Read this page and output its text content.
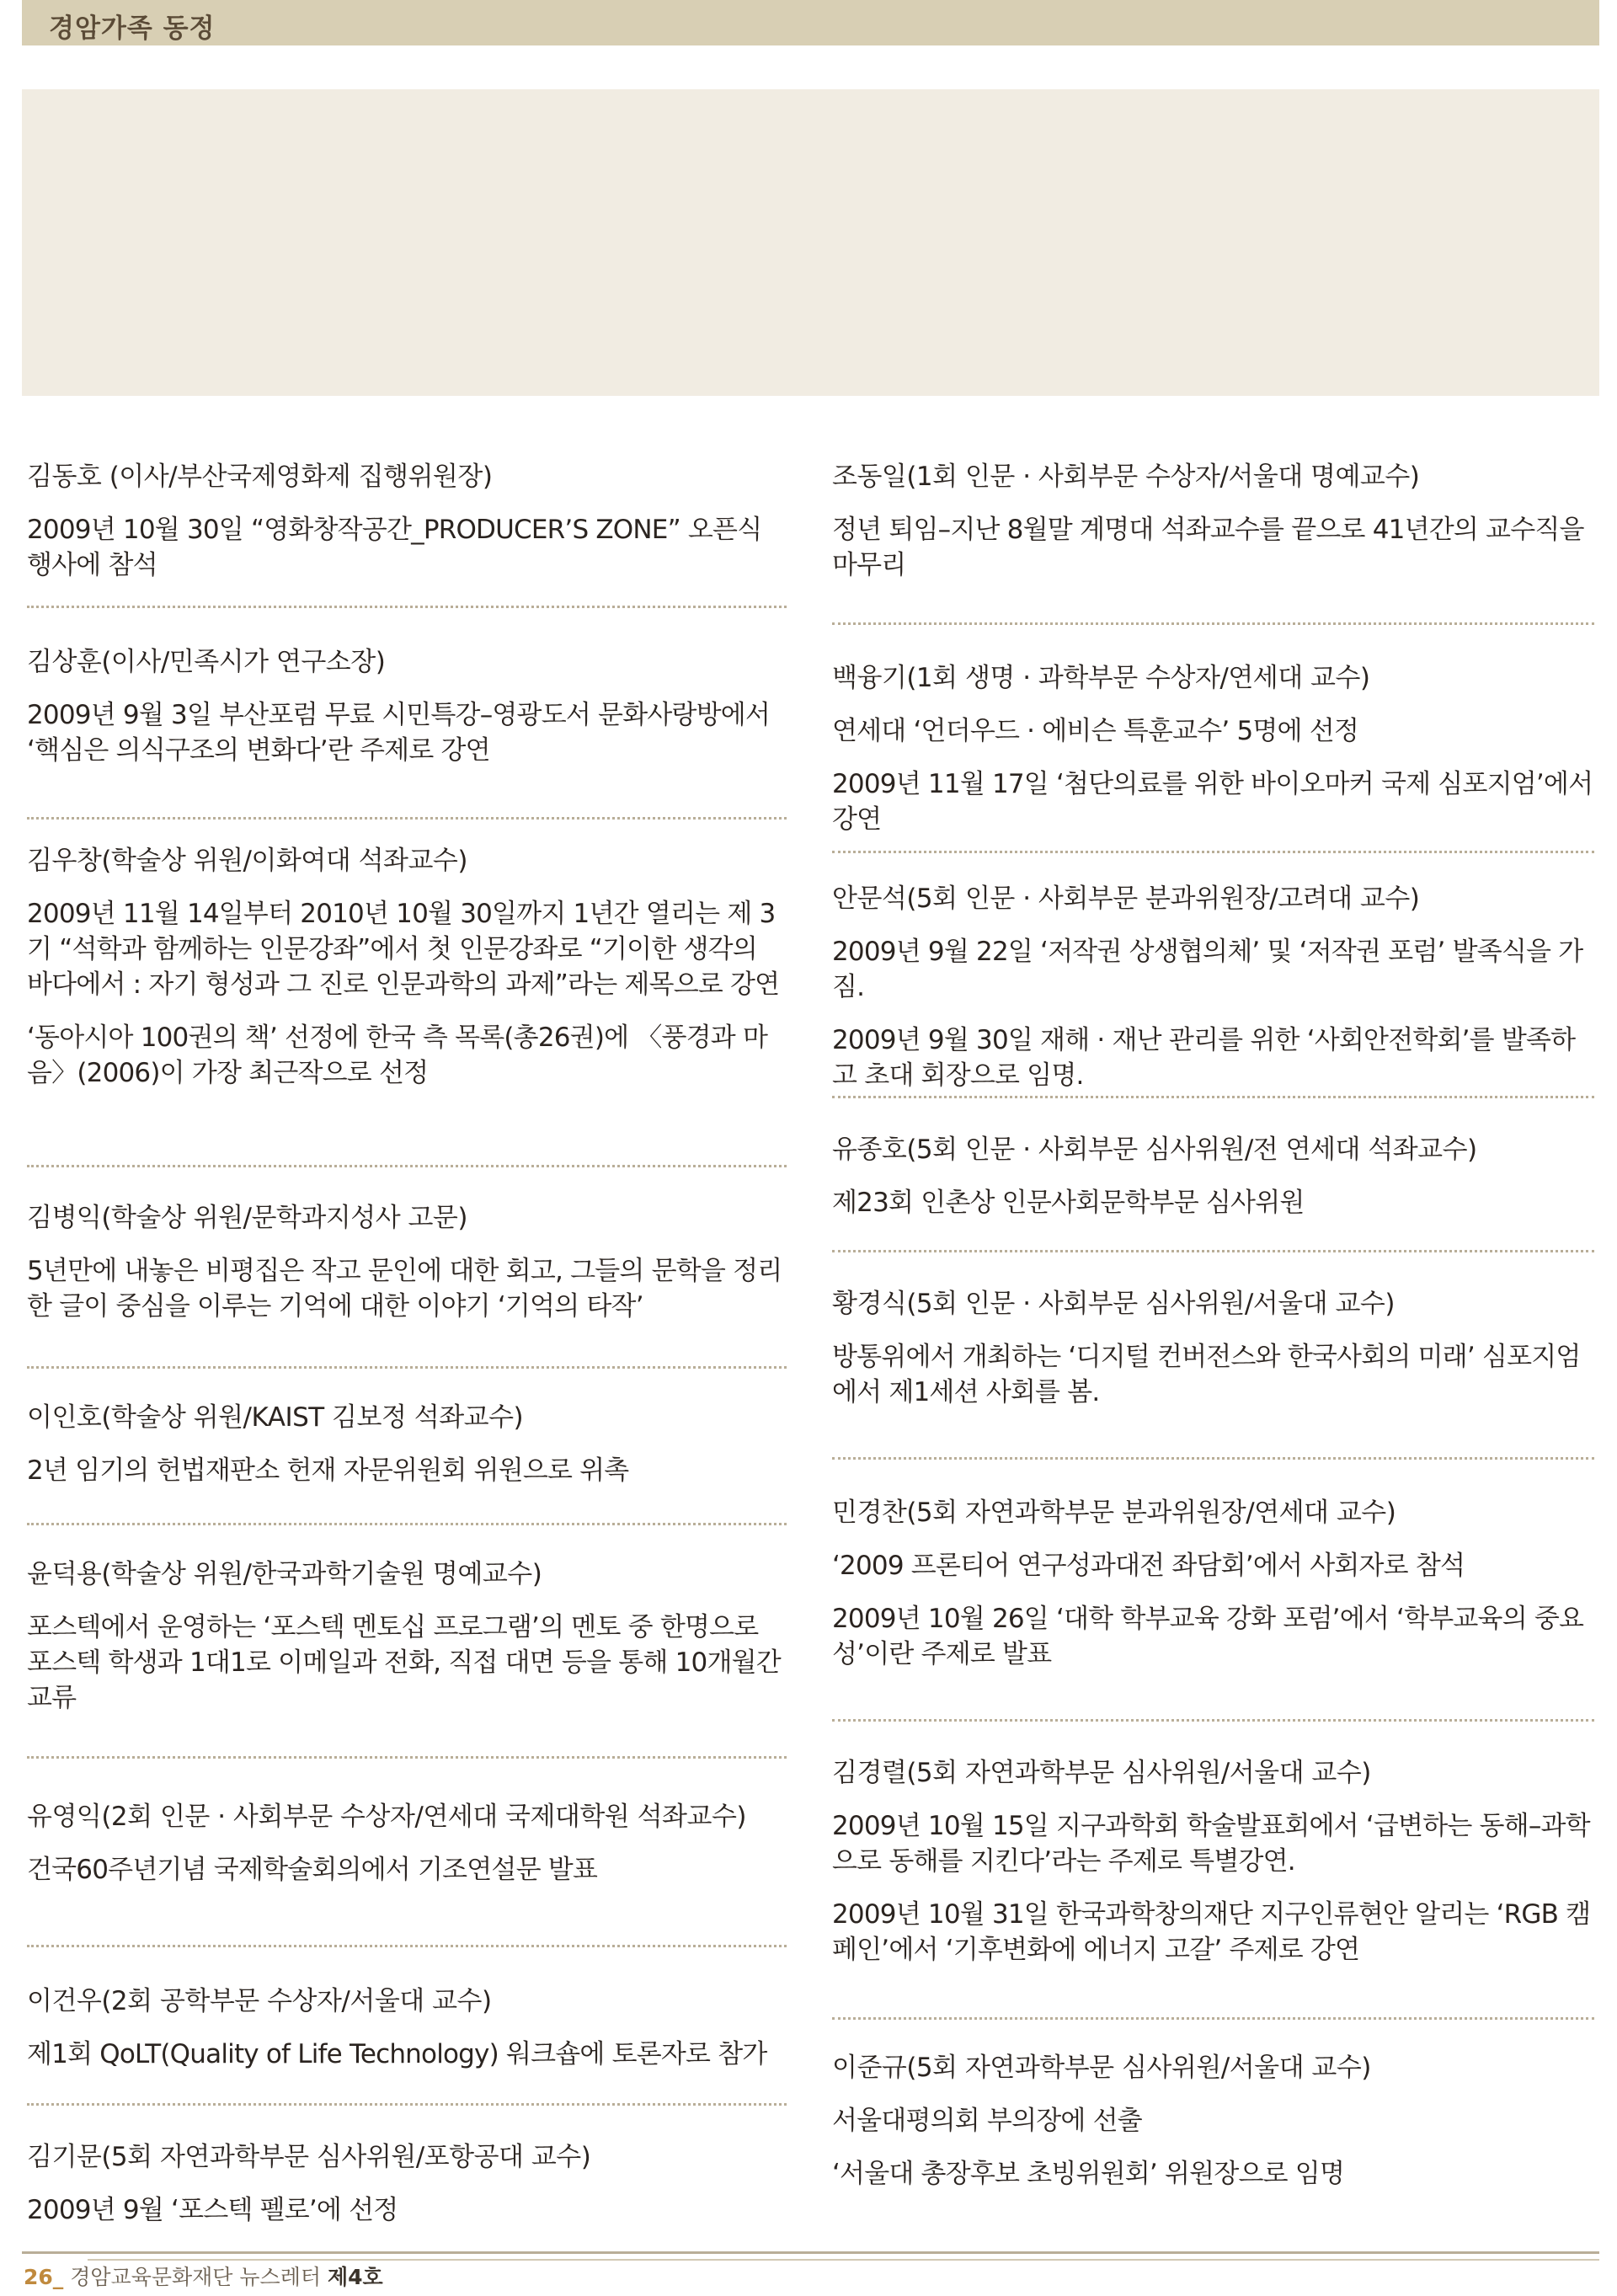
경암가족 동정
김동호 (이사/부산국제영화제 집행위원장)
2009년 10월 30일 “영화창작공간_PRODUCER’S ZONE” 오픈식 행사에 참석
김상훈(이사/민족시가 연구소장)
2009년 9월 3일 부산포럼 무료 시민특강–영광도서 문화사랑방에서 ‘핵심은 의식구조의 변화다’란 주제로 강연
김우창(학술상 위원/이화여대 석좌교수)
2009년 11월 14일부터 2010년 10월 30일까지 1년간 열리는 제 3기 “석학과 함께하는 인문강좌”에서 첫 인문강좌로 “기이한 생각의 바다에서 : 자기 형성과 그 진로 인문과학의 과제”라는 제목으로 강연
‘동아시아 100권의 책’ 선정에 한국 측 목록(총26권)에 〈풍경과 마음〉(2006)이 가장 최근작으로 선정
김병익(학술상 위원/문학과지성사 고문)
5년만에 내놓은 비평집은 작고 문인에 대한 회고, 그들의 문학을 정리한 글이 중심을 이루는 기억에 대한 이야기 ‘기억의 타작’
이인호(학술상 위원/KAIST 김보정 석좌교수)
2년 임기의 헌법재판소 헌재 자문위원회 위원으로 위촉
윤덕용(학술상 위원/한국과학기술원 명예교수)
포스텍에서 운영하는 ‘포스텍 멘토십 프로그램’의 멘토 중 한명으로 포스텍 학생과 1대1로 이메일과 전화, 직접 대면 등을 통해 10개월간 교류
유영익(2회 인문 · 사회부문 수상자/연세대 국제대학원 석좌교수)
건국60주년기념 국제학술회의에서 기조연설문 발표
이건우(2회 공학부문 수상자/서울대 교수)
제1회 QoLT(Quality of Life Technology) 워크숍에 토론자로 참가
김기문(5회 자연과학부문 심사위원/포항공대 교수)
2009년 9월 ‘포스텍 펠로’에 선정
조동일(1회 인문 · 사회부문 수상자/서울대 명예교수)
정년 퇴임–지난 8월말 계명대 석좌교수를 끝으로 41년간의 교수직을 마무리
백융기(1회 생명 · 과학부문 수상자/연세대 교수)
연세대 ‘언더우드 · 에비슨 특훈교수’ 5명에 선정
2009년 11월 17일 ‘첨단의료를 위한 바이오마커 국제 심포지엄’에서 강연
안문석(5회 인문 · 사회부문 분과위원장/고려대 교수)
2009년 9월 22일 ‘저작권 상생협의체’ 및 ‘저작권 포럼’ 발족식을 가짐.
2009년 9월 30일 재해 · 재난 관리를 위한 ‘사회안전학회’를 발족하고 초대 회장으로 임명.
유종호(5회 인문 · 사회부문 심사위원/전 연세대 석좌교수)
제23회 인촌상 인문사회문학부문 심사위원
황경식(5회 인문 · 사회부문 심사위원/서울대 교수)
방통위에서 개최하는 ‘디지털 컨버전스와 한국사회의 미래’ 심포지엄에서 제1세션 사회를 봄.
민경찬(5회 자연과학부문 분과위원장/연세대 교수)
‘2009 프론티어 연구성과대전 좌담회’에서 사회자로 참석
2009년 10월 26일 ‘대학 학부교육 강화 포럼’에서 ‘학부교육의 중요성’이란 주제로 발표
김경렬(5회 자연과학부문 심사위원/서울대 교수)
2009년 10월 15일 지구과학회 학술발표회에서 ‘급변하는 동해–과학으로 동해를 지킨다’라는 주제로 특별강연.
2009년 10월 31일 한국과학창의재단 지구인류현안 알리는 ‘RGB 캠페인’에서 ‘기후변화에 에너지 고갈’ 주제로 강연
이준규(5회 자연과학부문 심사위원/서울대 교수)
서울대평의회 부의장에 선출
‘서울대 총장후보 초빙위원회’ 위원장으로 임명
26_ 경암교육문화재단 뉴스레터 제4호
